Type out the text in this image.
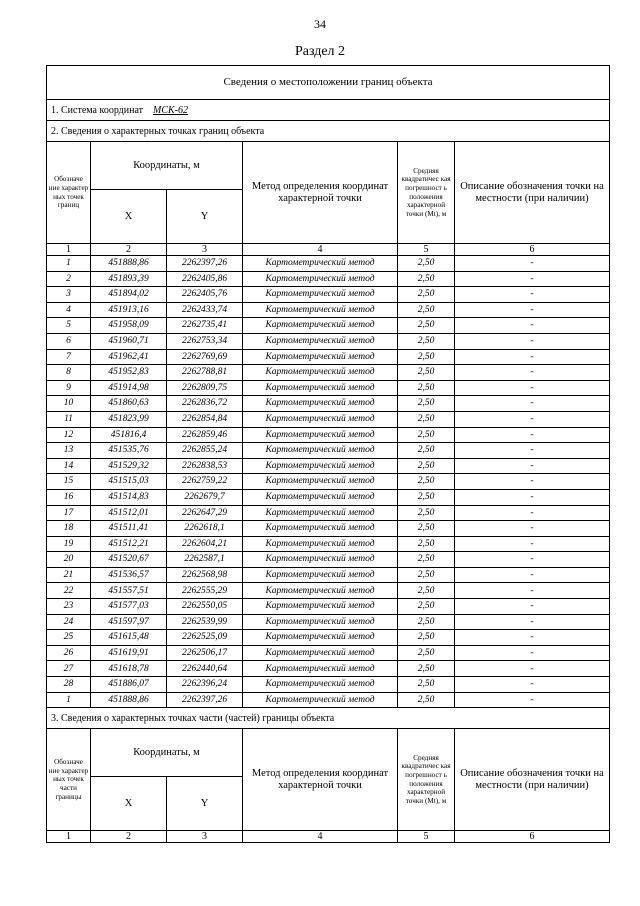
34
Раздел 2
Сведения о местоположении границ объекта					
1. Система координат МСК-62					
2. Сведения о характерных точках границ объекта					
Обозначе ние характер ных точек границ	Координаты, м		Метод определения координат характерной точки	Средняя квадратичес кая погрешност ь положения характерной точки (Mt), м	Описание обозначения точки на местности (при наличии)
	X	Y			
1	2	3	4	5	6
1	451888,86	2262397,26	Картометрический метод	2,50	-
2	451893,39	2262405,86	Картометрический метод	2,50	-
3	451894,02	2262405,76	Картометрический метод	2,50	-
4	451913,16	2262433,74	Картометрический метод	2,50	-
5	451958,09	2262735,41	Картометрический метод	2,50	-
6	451960,71	2262753,34	Картометрический метод	2,50	-
7	451962,41	2262769,69	Картометрический метод	2,50	-
8	451952,83	2262788,81	Картометрический метод	2,50	-
9	451914,98	2262809,75	Картометрический метод	2,50	-
10	451860,63	2262836,72	Картометрический метод	2,50	-
11	451823,99	2262854,84	Картометрический метод	2,50	-
12	451816,4	2262859,46	Картометрический метод	2,50	-
13	451535,76	2262855,24	Картометрический метод	2,50	-
14	451529,32	2262838,53	Картометрический метод	2,50	-
15	451515,03	2262759,22	Картометрический метод	2,50	-
16	451514,83	2262679,7	Картометрический метод	2,50	-
17	451512,01	2262647,29	Картометрический метод	2,50	-
18	451511,41	2262618,1	Картометрический метод	2,50	-
19	451512,21	2262604,21	Картометрический метод	2,50	-
20	451520,67	2262587,1	Картометрический метод	2,50	-
21	451536,57	2262568,98	Картометрический метод	2,50	-
22	451557,51	2262555,29	Картометрический метод	2,50	-
23	451577,03	2262550,05	Картометрический метод	2,50	-
24	451597,97	2262539,99	Картометрический метод	2,50	-
25	451615,48	2262525,09	Картометрический метод	2,50	-
26	451619,91	2262506,17	Картометрический метод	2,50	-
27	451618,78	2262440,64	Картометрический метод	2,50	-
28	451886,07	2262396,24	Картометрический метод	2,50	-
1	451888,86	2262397,26	Картометрический метод	2,50	-
3. Сведения о характерных точках части (частей) границы объекта					
Обозначе ние характер ных точек части границы	Координаты, м		Метод определения координат характерной точки	Средняя квадратичес кая погрешност ь положения характерной точки (Mt), м	Описание обозначения точки на местности (при наличии)
	X	Y			
1	2	3	4	5	6
